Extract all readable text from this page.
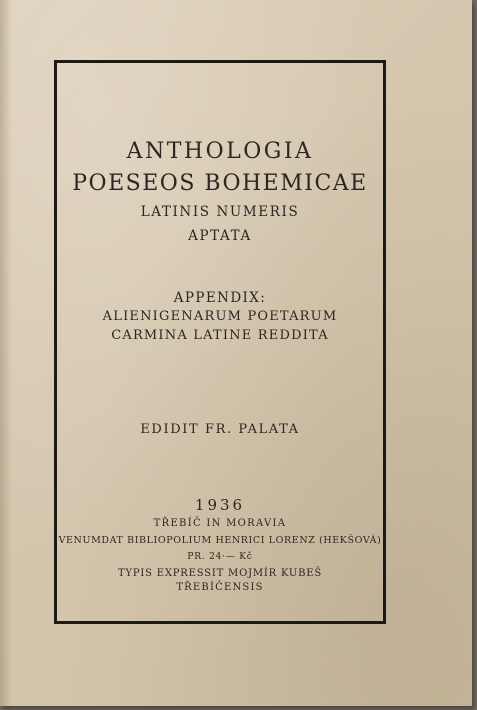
ANTHOLOGIA
POESEOS BOHEMICAE
LATINIS NUMERIS
APTATA
APPENDIX:
ALIENIGENARUM POETARUM
CARMINA LATINE REDDITA
EDIDIT FR. PALATA
1936
TŘEBÍČ IN MORAVIA
VENUMDAT BIBLIOPOLIUM HENRICI LORENZ (HEKŠOVÁ)
PR. 24·— Kč
TYPIS EXPRESSIT MOJMÍR KUBEŠ
TŘEBÍČENSIS
